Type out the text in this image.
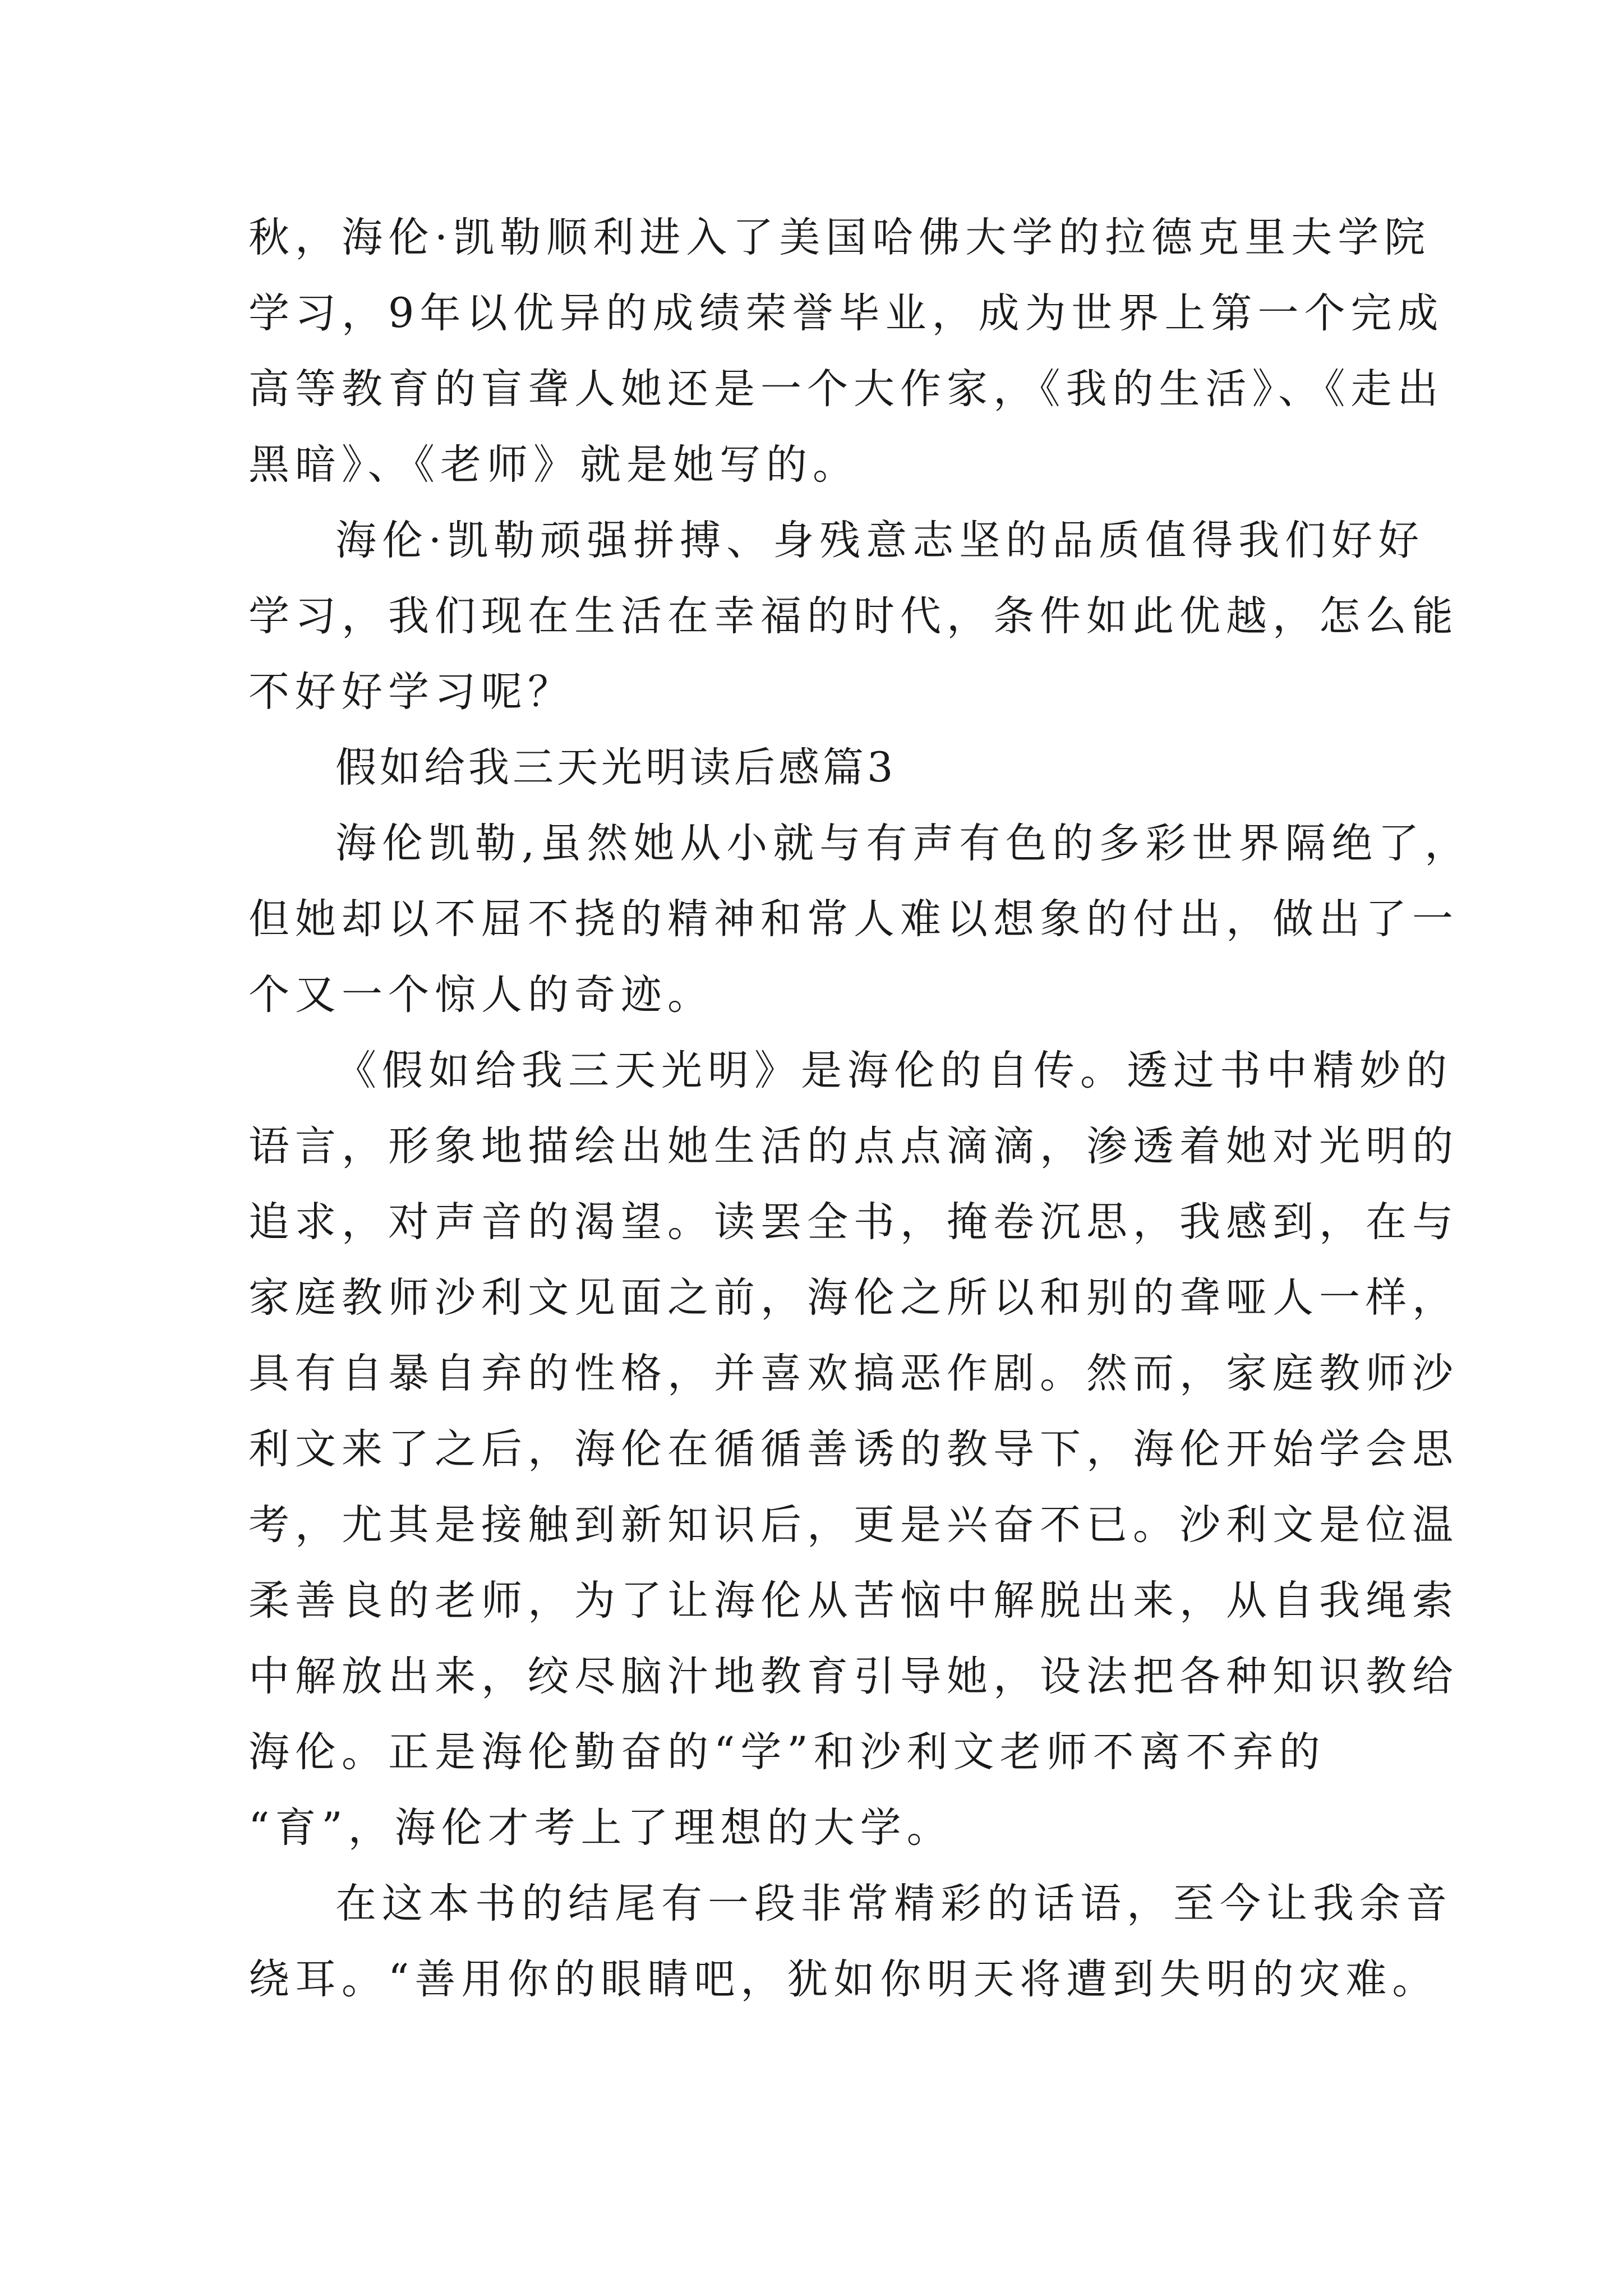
秋，海伦·凯勒顺利进入了美国哈佛大学的拉德克里夫学院

学习，9年以优异的成绩荣誉毕业，成为世界上第一个完成

高等教育的盲聋人她还是一个大作家，《我的生活》、《走出

黑暗》、《老师》就是她写的。

海伦·凯勒顽强拼搏、身残意志坚的品质值得我们好好

学习，我们现在生活在幸福的时代，条件如此优越，怎么能

不好好学习呢？

假如给我三天光明读后感篇3

海伦凯勒,虽然她从小就与有声有色的多彩世界隔绝了，

但她却以不屈不挠的精神和常人难以想象的付出，做出了一

个又一个惊人的奇迹。

《假如给我三天光明》是海伦的自传。透过书中精妙的

语言，形象地描绘出她生活的点点滴滴，渗透着她对光明的

追求，对声音的渴望。读罢全书，掩卷沉思，我感到，在与

家庭教师沙利文见面之前，海伦之所以和别的聋哑人一样，

具有自暴自弃的性格，并喜欢搞恶作剧。然而，家庭教师沙

利文来了之后，海伦在循循善诱的教导下，海伦开始学会思

考，尤其是接触到新知识后，更是兴奋不已。沙利文是位温

柔善良的老师，为了让海伦从苦恼中解脱出来，从自我绳索

中解放出来，绞尽脑汁地教育引导她，设法把各种知识教给

海伦。正是海伦勤奋的“学”和沙利文老师不离不弃的

“育”，海伦才考上了理想的大学。

在这本书的结尾有一段非常精彩的话语，至今让我余音

绕耳。“善用你的眼睛吧，犹如你明天将遭到失明的灾难。
